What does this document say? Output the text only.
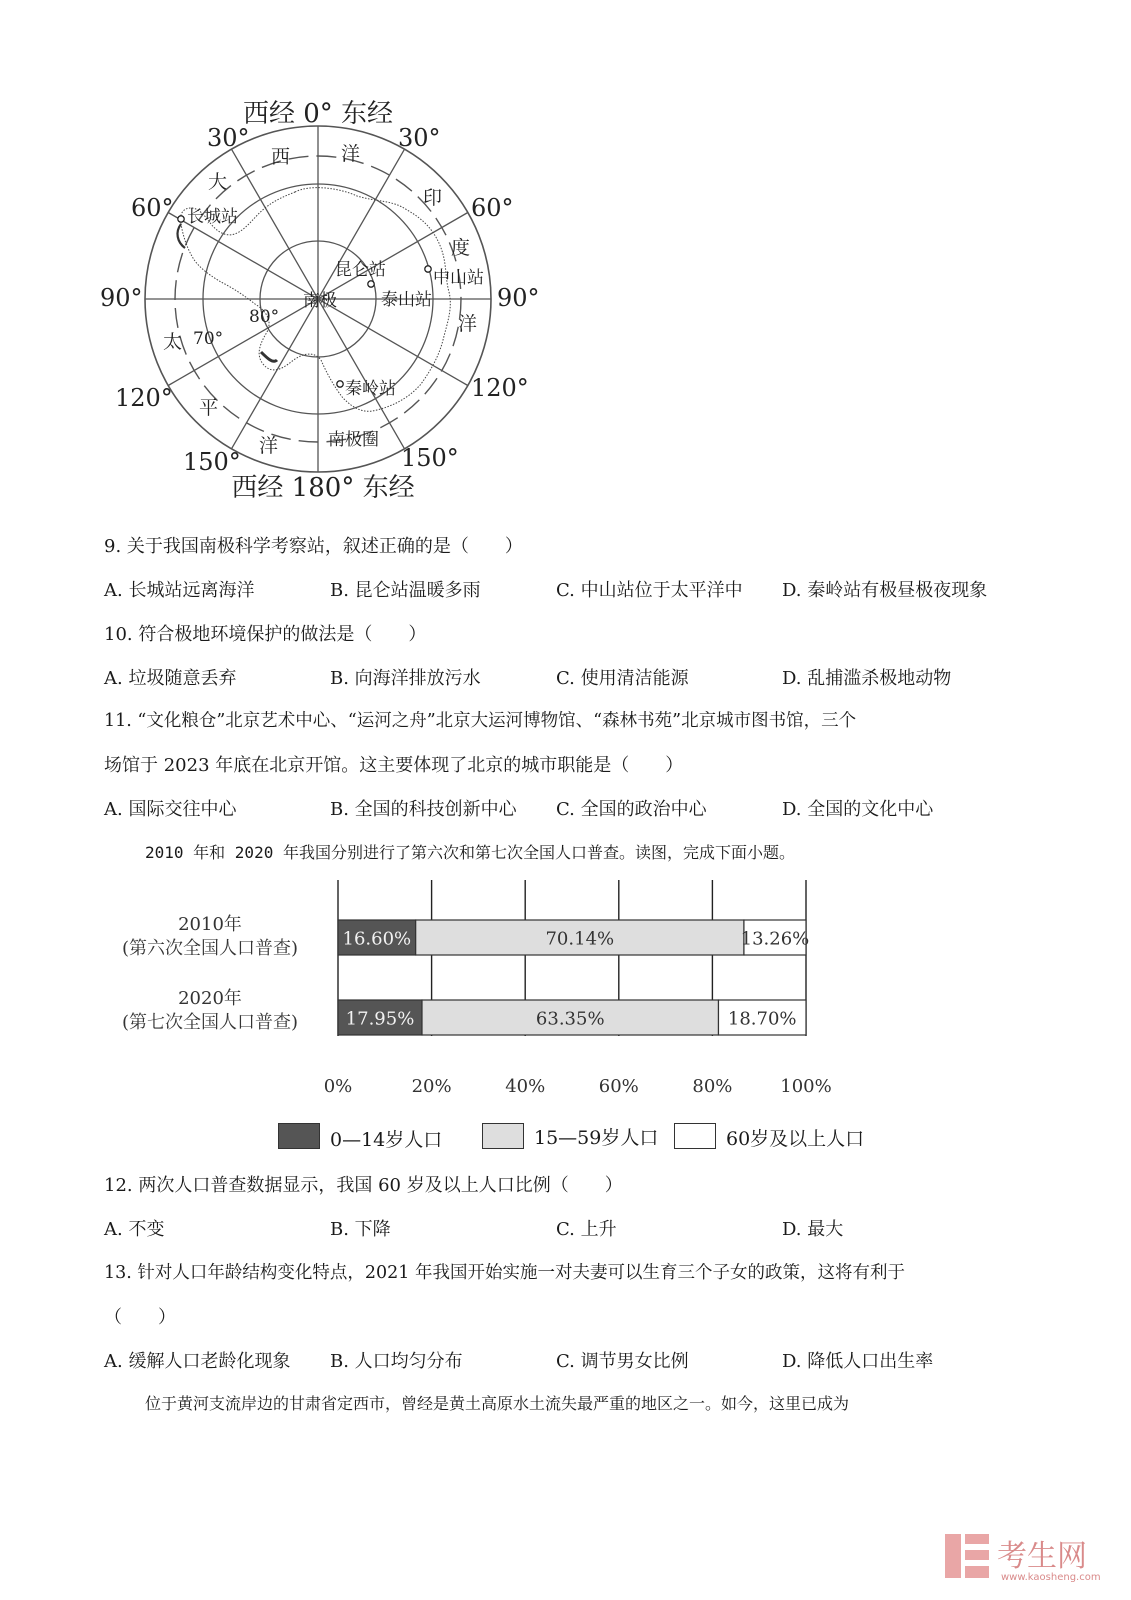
西经 0° 东经
西经 180° 东经
30°	30°
60°	60°
90°	90°
120°	120°
150°	150°
80°
70°
西	洋
大
印
度
洋
太
平
洋
长城站
昆仑站	中山站
泰山站
秦岭站
南极
南极圈
9. 关于我国南极科学考察站，叙述正确的是（　　）
A. 长城站远离海洋	B. 昆仑站温暖多雨	C. 中山站位于太平洋中 D. 秦岭站有极昼极夜现象
10. 符合极地环境保护的做法是（　　）
A. 垃圾随意丢弃	B. 向海洋排放污水	C. 使用清洁能源	D. 乱捕滥杀极地动物
11. “文化粮仓”北京艺术中心、“运河之舟”北京大运河博物馆、“森林书苑”北京城市图书馆，三个
场馆于 2023 年底在北京开馆。这主要体现了北京的城市职能是（　　）
A. 国际交往中心	B. 全国的科技创新中心 C. 全国的政治中心	D. 全国的文化中心
2010 年和 2020 年我国分别进行了第六次和第七次全国人口普查。读图，完成下面小题。
2010年
(第六次全国人口普查)
2020年
(第七次全国人口普查)
16.60%	70.14%	13.26%
17.95%	63.35%	18.70%
0%	20%	40%	60%	80%	100%
0—14岁人口	15—59岁人口	60岁及以上人口
12. 两次人口普查数据显示，我国 60 岁及以上人口比例（　　）
A. 不变	B. 下降	C. 上升	D. 最大
13. 针对人口年龄结构变化特点，2021 年我国开始实施一对夫妻可以生育三个子女的政策，这将有利于
（　　）
A. 缓解人口老龄化现象 B. 人口均匀分布	C. 调节男女比例	D. 降低人口出生率
位于黄河支流岸边的甘肃省定西市，曾经是黄土高原水土流失最严重的地区之一。如今，这里已成为
考生网
www.kaosheng.com
